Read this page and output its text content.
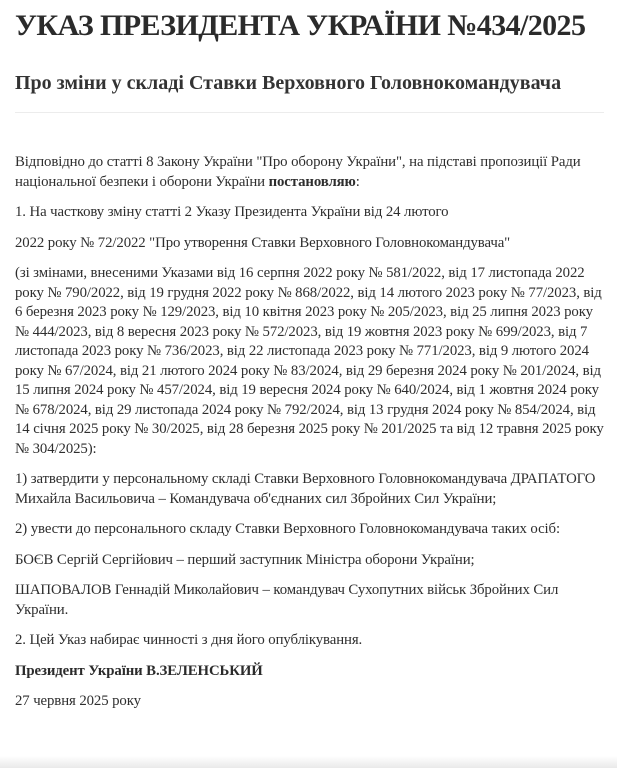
УКАЗ ПРЕЗИДЕНТА УКРАЇНИ №434/2025
Про зміни у складі Ставки Верховного Головнокомандувача

Відповідно до статті 8 Закону України "Про оборону України", на підставі пропозиції Ради національної безпеки і оборони України постановляю:

1. На часткову зміну статті 2 Указу Президента України від 24 лютого

2022 року № 72/2022 "Про утворення Ставки Верховного Головнокомандувача"

(зі змінами, внесеними Указами від 16 серпня 2022 року № 581/2022, від 17 листопада 2022 року № 790/2022, від 19 грудня 2022 року № 868/2022, від 14 лютого 2023 року № 77/2023, від 6 березня 2023 року № 129/2023, від 10 квітня 2023 року № 205/2023, від 25 липня 2023 року № 444/2023, від 8 вересня 2023 року № 572/2023, від 19 жовтня 2023 року № 699/2023, від 7 листопада 2023 року № 736/2023, від 22 листопада 2023 року № 771/2023, від 9 лютого 2024 року № 67/2024, від 21 лютого 2024 року № 83/2024, від 29 березня 2024 року № 201/2024, від 15 липня 2024 року № 457/2024, від 19 вересня 2024 року № 640/2024, від 1 жовтня 2024 року № 678/2024, від 29 листопада 2024 року № 792/2024, від 13 грудня 2024 року № 854/2024, від 14 січня 2025 року № 30/2025, від 28 березня 2025 року № 201/2025 та від 12 травня 2025 року № 304/2025):

1) затвердити у персональному складі Ставки Верховного Головнокомандувача ДРАПАТОГО Михайла Васильовича – Командувача об'єднаних сил Збройних Сил України;

2) увести до персонального складу Ставки Верховного Головнокомандувача таких осіб:

БОЄВ Сергій Сергійович – перший заступник Міністра оборони України;

ШАПОВАЛОВ Геннадій Миколайович – командувач Сухопутних військ Збройних Сил України.

2. Цей Указ набирає чинності з дня його опублікування.

Президент України В.ЗЕЛЕНСЬКИЙ

27 червня 2025 року
